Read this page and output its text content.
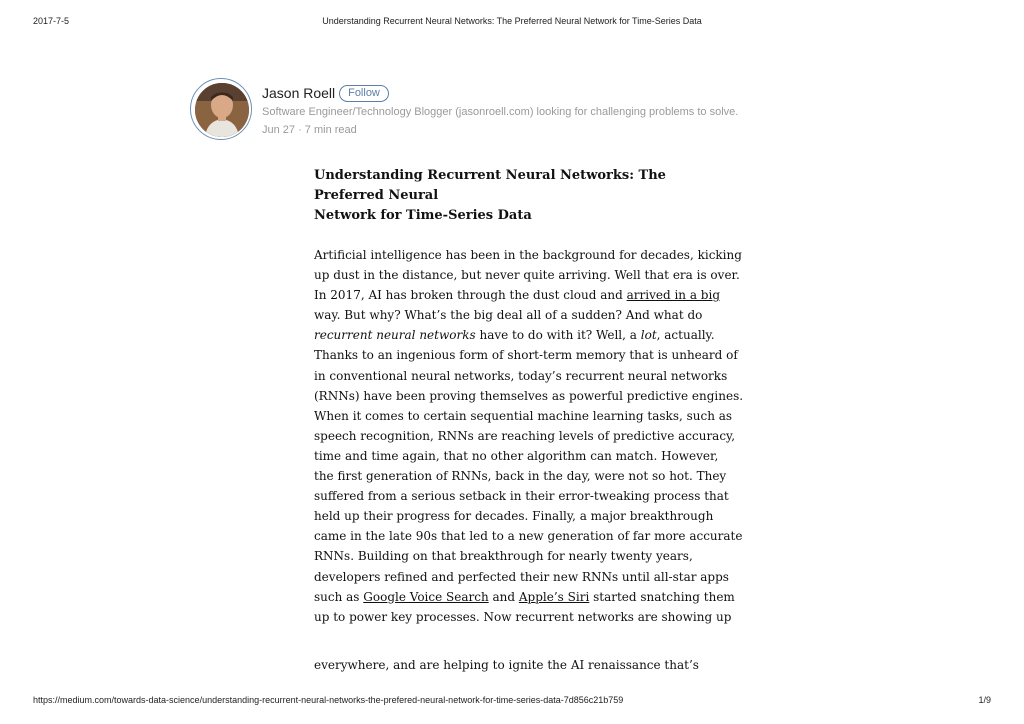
2017-7-5	Understanding Recurrent Neural Networks: The Preferred Neural Network for Time-Series Data
Jason Roell	Follow
Software Engineer/Technology Blogger (jasonroell.com) looking for challenging problems to solve.
Jun 27 · 7 min read
Understanding Recurrent Neural Networks: The Preferred Neural
Network for Time-Series Data

Artificial intelligence has been in the background for decades, kicking
up dust in the distance, but never quite arriving. Well that era is over.
In 2017, AI has broken through the dust cloud and arrived in a big
way. But why? What’s the big deal all of a sudden? And what do
recurrent neural networks have to do with it? Well, a lot, actually.
Thanks to an ingenious form of short-term memory that is unheard of
in conventional neural networks, today’s recurrent neural networks
(RNNs) have been proving themselves as powerful predictive engines.
When it comes to certain sequential machine learning tasks, such as
speech recognition, RNNs are reaching levels of predictive accuracy,
time and time again, that no other algorithm can match. However,
the first generation of RNNs, back in the day, were not so hot. They
suffered from a serious setback in their error-tweaking process that
held up their progress for decades. Finally, a major breakthrough
came in the late 90s that led to a new generation of far more accurate
RNNs. Building on that breakthrough for nearly twenty years,
developers refined and perfected their new RNNs until all-star apps
such as Google Voice Search and Apple’s Siri started snatching them
up to power key processes. Now recurrent networks are showing up

everywhere, and are helping to ignite the AI renaissance that’s

https://medium.com/towards-data-science/understanding-recurrent-neural-networks-the-prefered-neural-network-for-time-series-data-7d856c21b759	1/9
